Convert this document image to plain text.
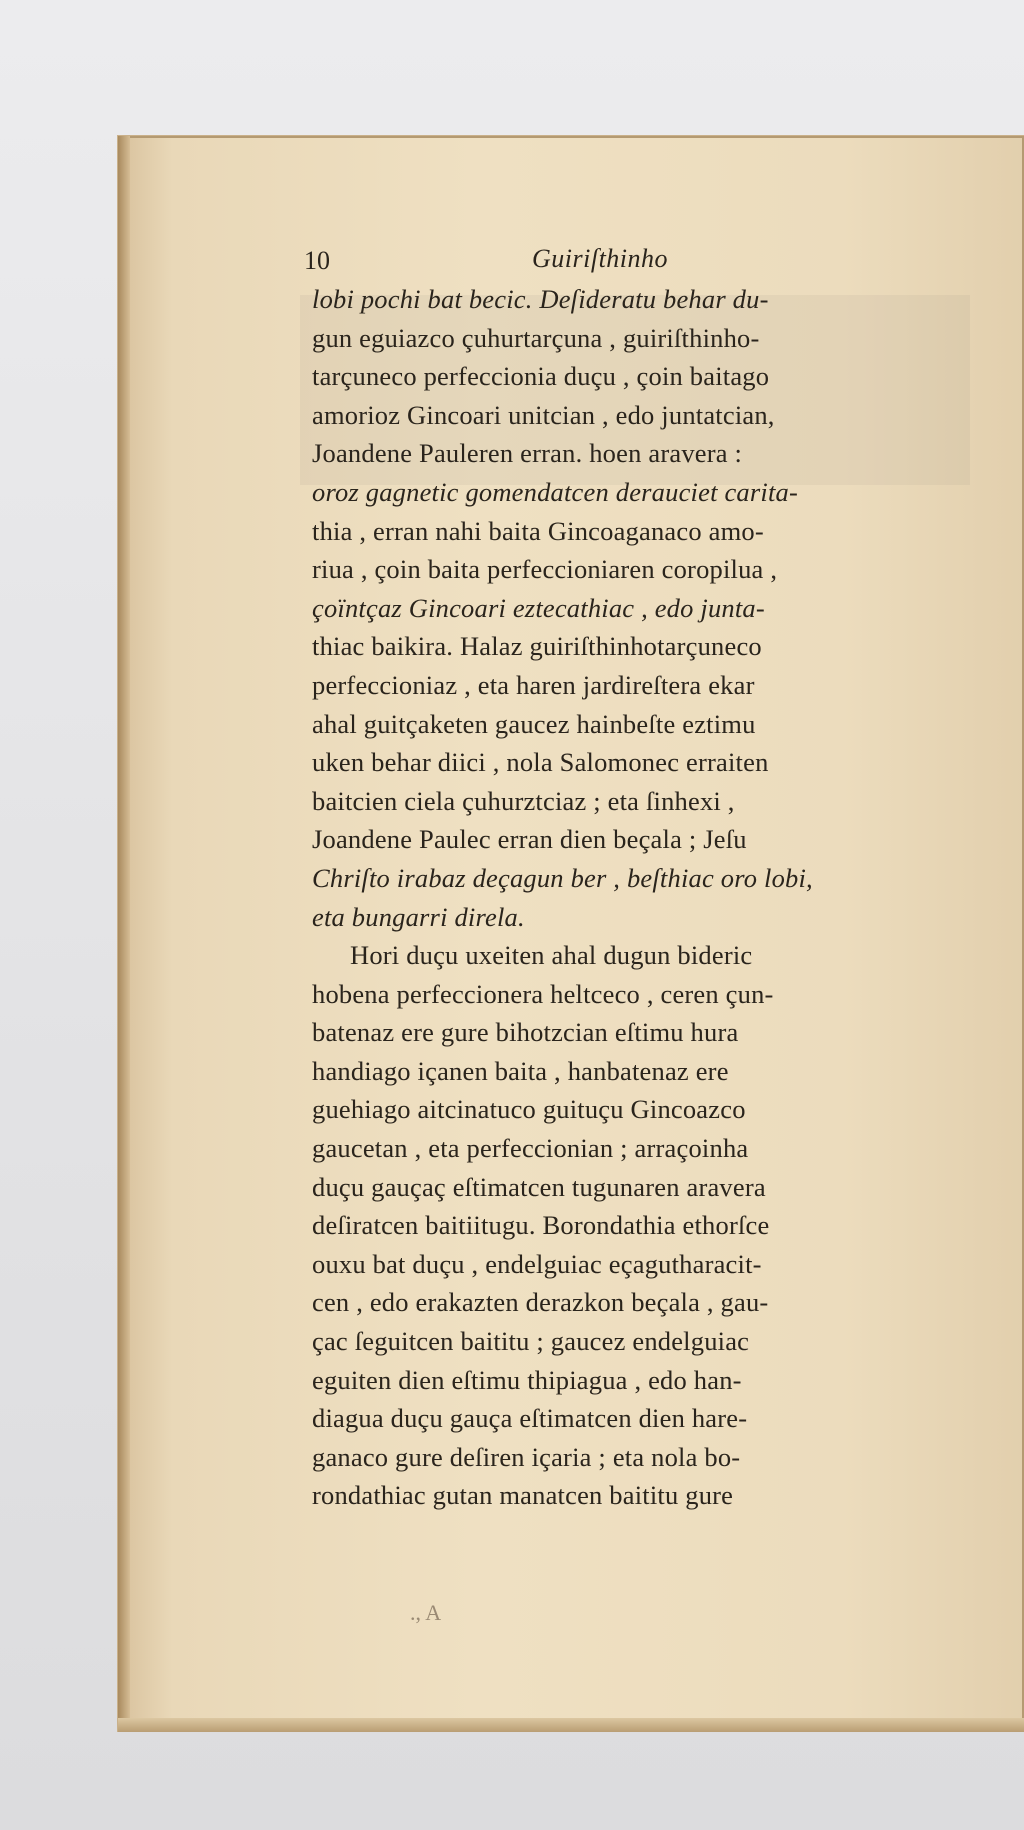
10	Guiriſthinho
lobi pochi bat becic. Deſideratu behar du-
gun eguiazco çuhurtarçuna , guiriſthinho-
tarçuneco perfeccionia duçu , çoin baitago
amorioz Gincoari unitcian , edo juntatcian,
Joandene Pauleren erran. hoen aravera :
oroz gagnetic gomendatcen derauciet carita-
thia , erran nahi baita Gincoaganaco amo-
riua , çoin baita perfeccioniaren coropilua ,
çoïntçaz Gincoari eztecathiac , edo junta-
thiac baikira. Halaz guiriſthinhotarçuneco
perfeccioniaz , eta haren jardireſtera ekar
ahal guitçaketen gaucez hainbeſte eztimu
uken behar diici , nola Salomonec erraiten
baitcien ciela çuhurztciaz ; eta ſinhexi ,
Joandene Paulec erran dien beçala ; Jeſu
Chriſto irabaz deçagun ber , beſthiac oro lobi,
eta bungarri direla.
Hori duçu uxeiten ahal dugun bideric
hobena perfeccionera heltceco , ceren çun-
batenaz ere gure bihotzcian eſtimu hura
handiago içanen baita , hanbatenaz ere
guehiago aitcinatuco guituçu Gincoazco
gaucetan , eta perfeccionian ; arraçoinha
duçu gauçaç eſtimatcen tugunaren aravera
deſiratcen baitiitugu. Borondathia ethorſce
ouxu bat duçu , endelguiac eçagutharacit-
cen , edo erakazten derazkon beçala , gau-
çac ſeguitcen baititu ; gaucez endelguiac
eguiten dien eſtimu thipiagua , edo han-
diagua duçu gauça eſtimatcen dien hare-
ganaco gure deſiren içaria ; eta nola bo-
rondathiac gutan manatcen baititu gure
., A
